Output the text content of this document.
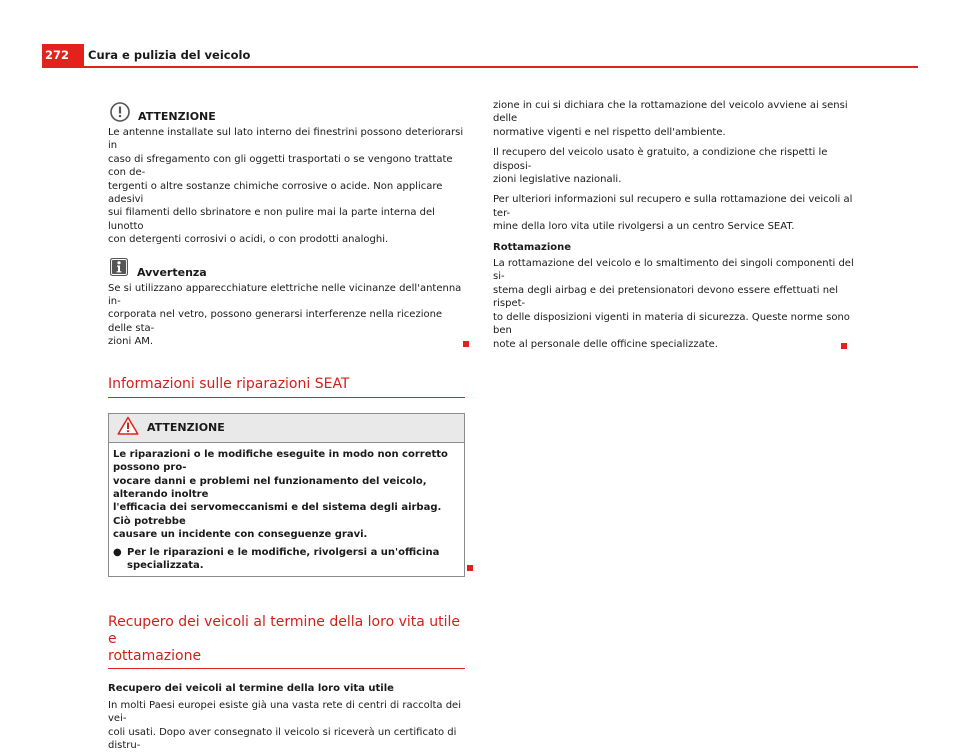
272	Cura e pulizia del veicolo
ATTENZIONE

Le antenne installate sul lato interno dei finestrini possono deteriorarsi in

caso di sfregamento con gli oggetti trasportati o se vengono trattate con de-

tergenti o altre sostanze chimiche corrosive o acide. Non applicare adesivi

sui filamenti dello sbrinatore e non pulire mai la parte interna del lunotto

con detergenti corrosivi o acidi, o con prodotti analoghi.

Avvertenza

Se si utilizzano apparecchiature elettriche nelle vicinanze dell'antenna in-

corporata nel vetro, possono generarsi interferenze nella ricezione delle sta-

zioni AM.

Informazioni sulle riparazioni SEAT
ATTENZIONE

Le riparazioni o le modifiche eseguite in modo non corretto possono pro-

vocare danni e problemi nel funzionamento del veicolo, alterando inoltre

l'efficacia dei servomeccanismi e del sistema degli airbag. Ciò potrebbe

causare un incidente con conseguenze gravi.

● Per le riparazioni e le modifiche, rivolgersi a un'officina specializzata.
Recupero dei veicoli al termine della loro vita utile e
rottamazione

Recupero dei veicoli al termine della loro vita utile

In molti Paesi europei esiste già una vasta rete di centri di raccolta dei vei-

coli usati. Dopo aver consegnato il veicolo si riceverà un certificato di distru-

zione in cui si dichiara che la rottamazione del veicolo avviene ai sensi delle

normative vigenti e nel rispetto dell'ambiente.

Il recupero del veicolo usato è gratuito, a condizione che rispetti le disposi-

zioni legislative nazionali.

Per ulteriori informazioni sul recupero e sulla rottamazione dei veicoli al ter-

mine della loro vita utile rivolgersi a un centro Service SEAT.

Rottamazione

La rottamazione del veicolo e lo smaltimento dei singoli componenti del si-

stema degli airbag e dei pretensionatori devono essere effettuati nel rispet-

to delle disposizioni vigenti in materia di sicurezza. Queste norme sono ben

note al personale delle officine specializzate.
